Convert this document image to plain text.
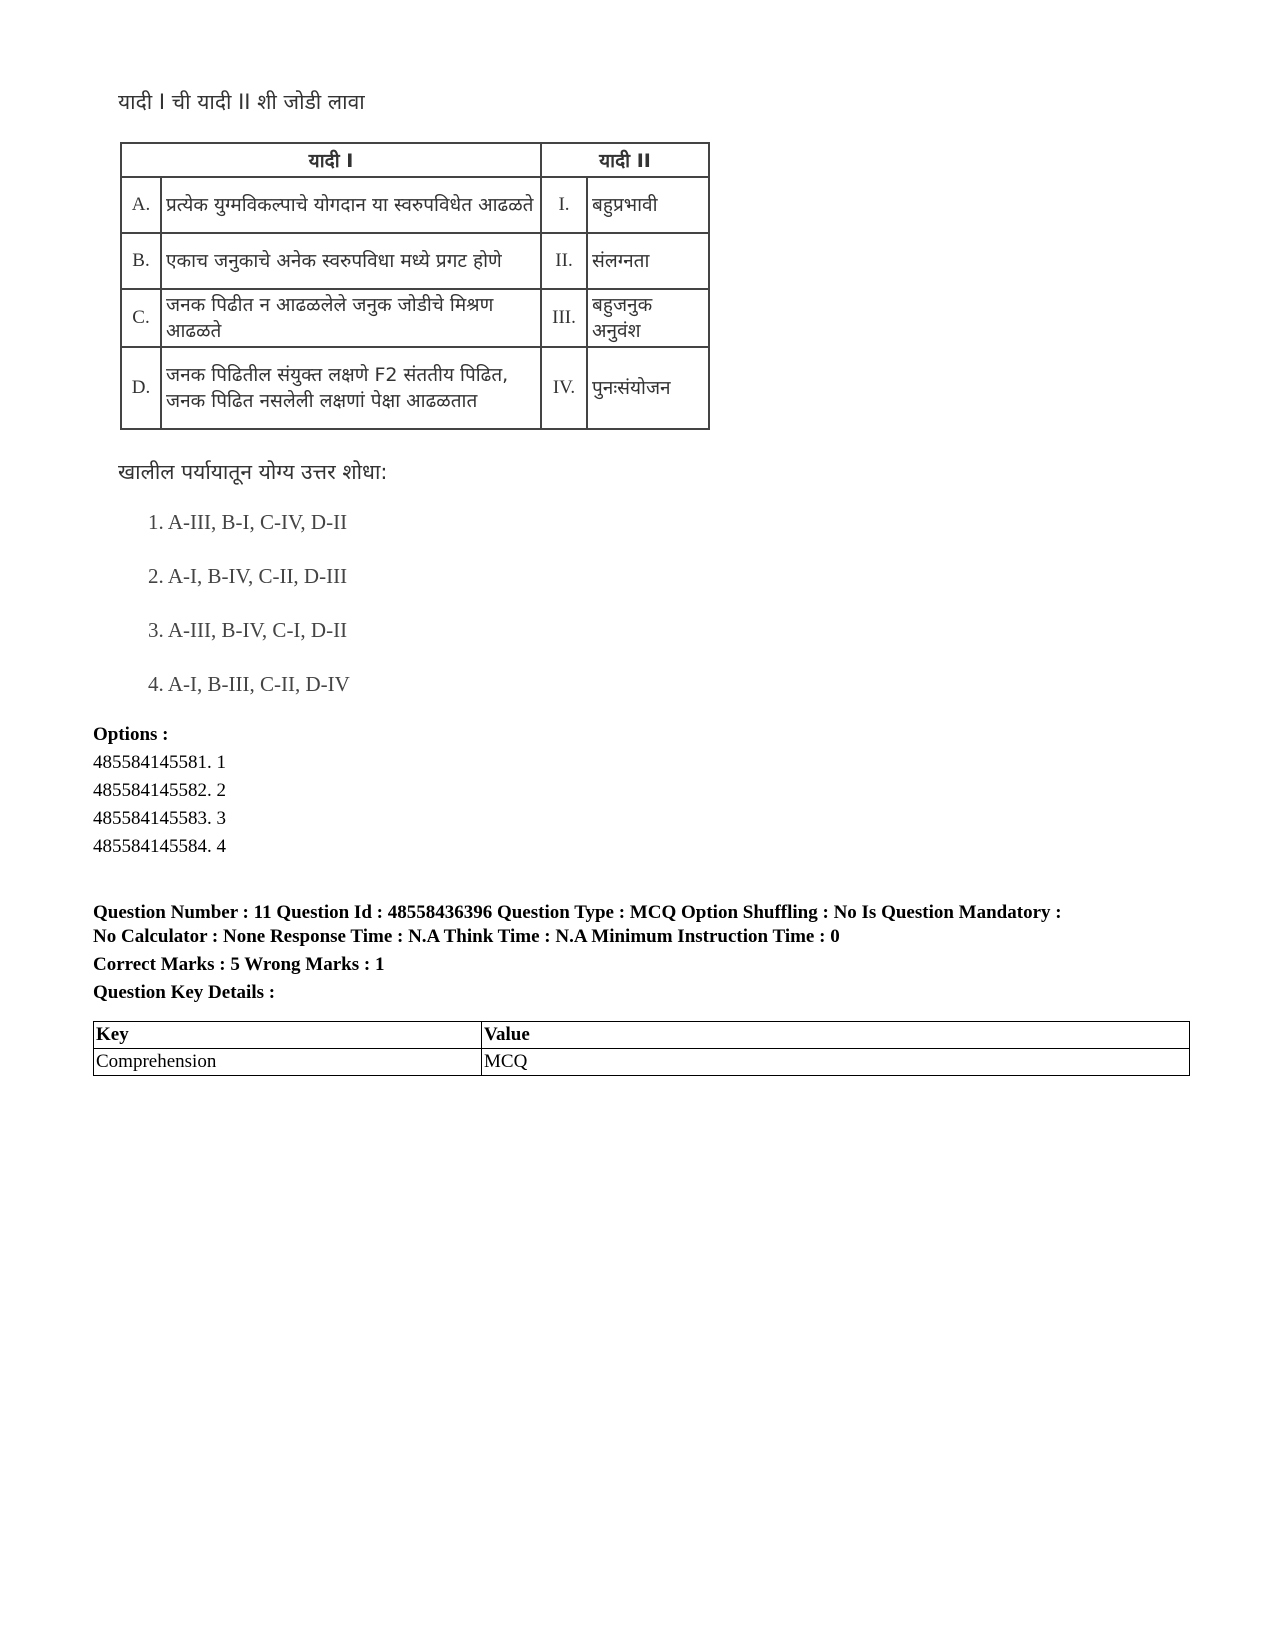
यादी I ची यादी II शी जोडी लावा
यादी I		यादी II	
A.	प्रत्येक युग्मविकल्पाचे योगदान या स्वरुपविधेत आढळते	I.	बहुप्रभावी
B.	एकाच जनुकाचे अनेक स्वरुपविधा मध्ये प्रगट होणे	II.	संलग्नता
C.	जनक पिढीत न आढळलेले जनुक जोडीचे मिश्रण आढळते	III.	बहुजनुक अनुवंश
D.	जनक पिढितील संयुक्त लक्षणे F2 संततीय पिढित, जनक पिढित नसलेली लक्षणां पेक्षा आढळतात	IV.	पुनःसंयोजन
खालील पर्यायातून योग्य उत्तर शोधा:
1. A-III, B-I, C-IV, D-II
2. A-I, B-IV, C-II, D-III
3. A-III, B-IV, C-I, D-II
4. A-I, B-III, C-II, D-IV
Options :
485584145581. 1
485584145582. 2
485584145583. 3
485584145584. 4
Question Number : 11 Question Id : 48558436396 Question Type : MCQ Option Shuffling : No Is Question Mandatory :
No Calculator : None Response Time : N.A Think Time : N.A Minimum Instruction Time : 0
Correct Marks : 5 Wrong Marks : 1
Question Key Details :
Key	Value
Comprehension	MCQ
